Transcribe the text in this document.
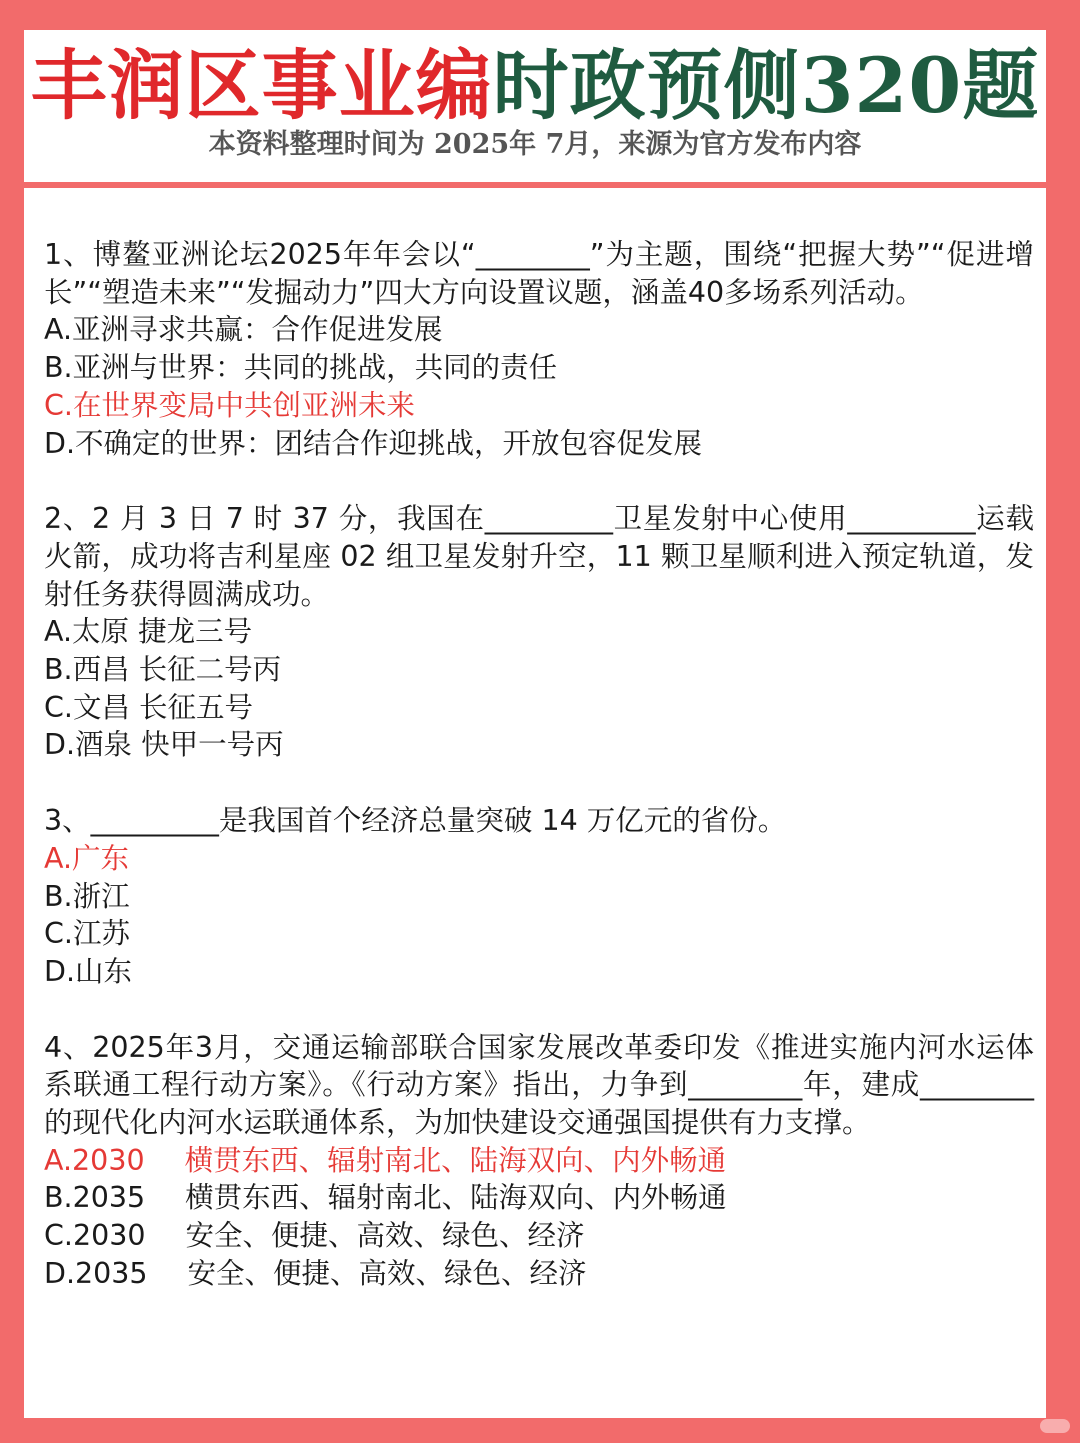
丰润区事业编时政预侧320题
本资料整理时间为 2025年 7月，来源为官方发布内容

1、博鳌亚洲论坛2025年年会以“________”为主题，围绕“把握大势”“促进增长”“塑造未来”“发掘动力”四大方向设置议题，涵盖40多场系列活动。

A.亚洲寻求共赢：合作促进发展

B.亚洲与世界：共同的挑战，共同的责任

C.在世界变局中共创亚洲未来

D.不确定的世界：团结合作迎挑战，开放包容促发展

2、2 月 3 日 7 时 37 分，我国在_________卫星发射中心使用_________运载火箭，成功将吉利星座 02 组卫星发射升空，11 颗卫星顺利进入预定轨道，发射任务获得圆满成功。

A.太原 捷龙三号

B.西昌 长征二号丙

C.文昌 长征五号

D.酒泉 快甲一号丙

3、_________是我国首个经济总量突破 14 万亿元的省份。

A.广东

B.浙江

C.江苏

D.山东

4、2025年3月，交通运输部联合国家发展改革委印发《推进实施内河水运体系联通工程行动方案》。《行动方案》指出，力争到________年，建成________的现代化内河水运联通体系，为加快建设交通强国提供有力支撑。

A.2030 横贯东西、辐射南北、陆海双向、内外畅通

B.2035 横贯东西、辐射南北、陆海双向、内外畅通

C.2030 安全、便捷、高效、绿色、经济

D.2035 安全、便捷、高效、绿色、经济
